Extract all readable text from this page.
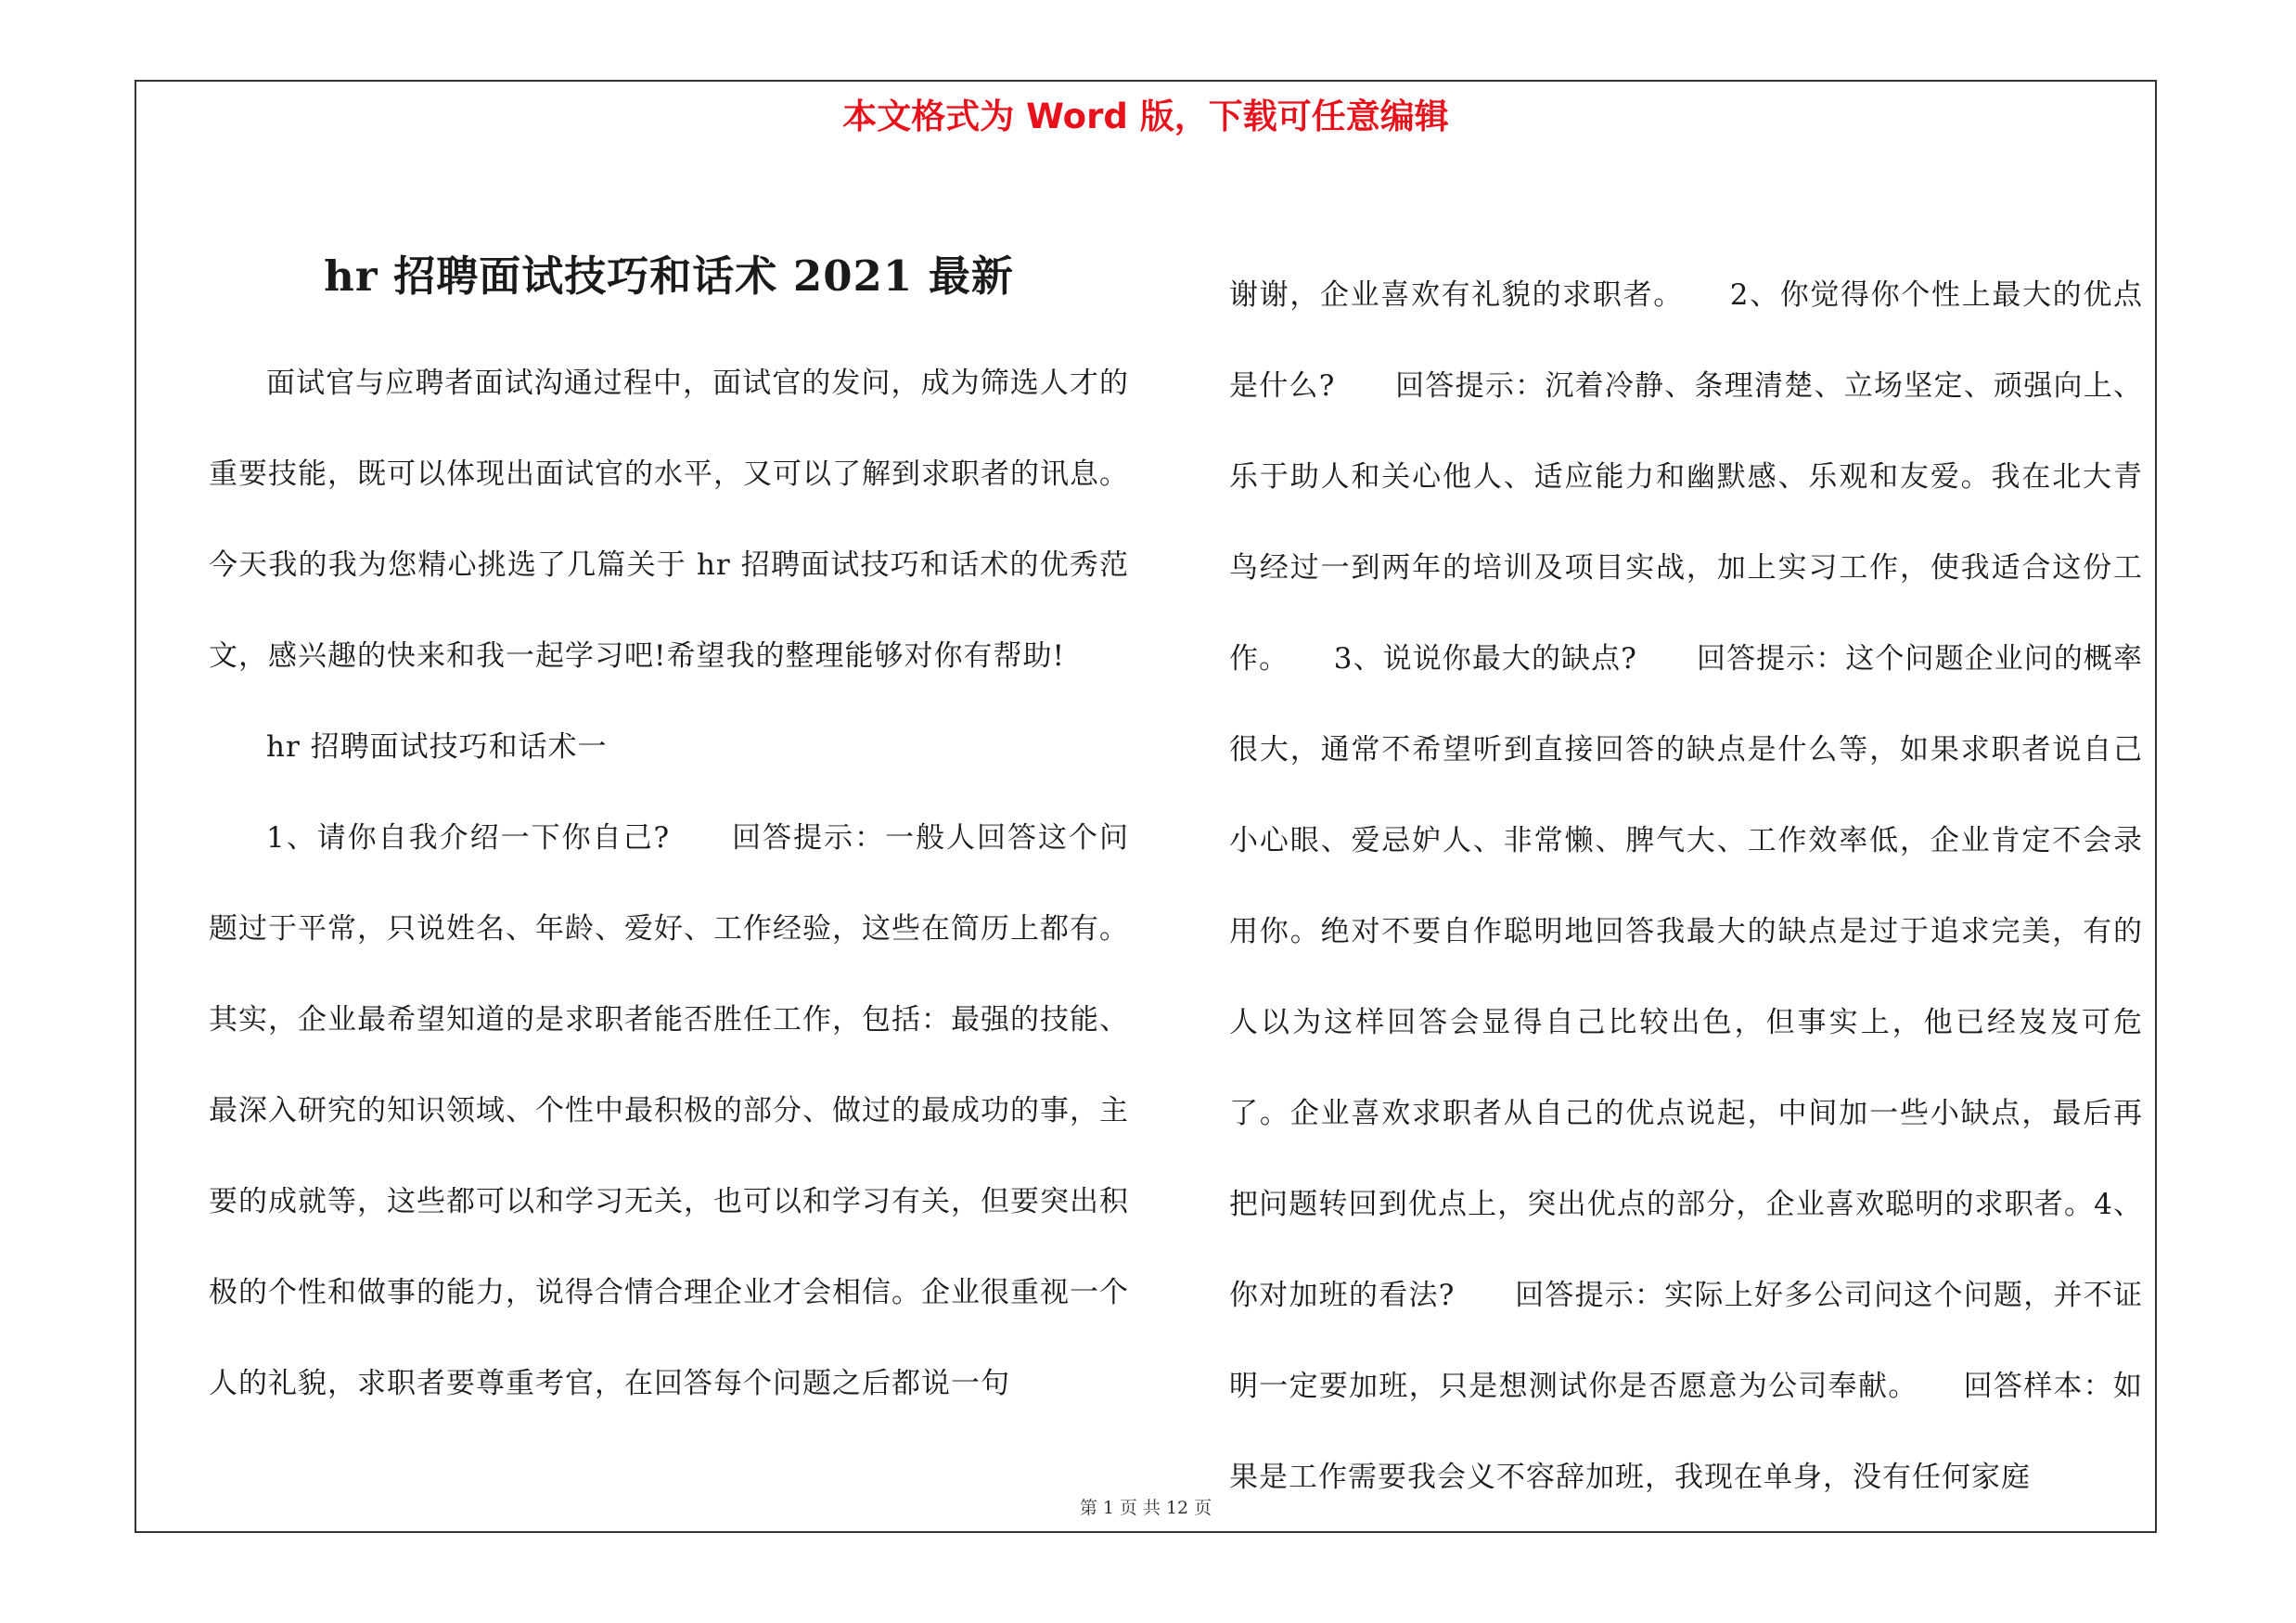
本文格式为 Word 版，下载可任意编辑
hr 招聘面试技巧和话术 2021 最新

面试官与应聘者面试沟通过程中，面试官的发问，成为筛选人才的重要技能，既可以体现出面试官的水平，又可以了解到求职者的讯息。今天我的我为您精心挑选了几篇关于 hr 招聘面试技巧和话术的优秀范文，感兴趣的快来和我一起学习吧!希望我的整理能够对你有帮助!

hr 招聘面试技巧和话术一

1、请你自我介绍一下你自己?　　回答提示：一般人回答这个问题过于平常，只说姓名、年龄、爱好、工作经验，这些在简历上都有。其实，企业最希望知道的是求职者能否胜任工作，包括：最强的技能、最深入研究的知识领域、个性中最积极的部分、做过的最成功的事，主要的成就等，这些都可以和学习无关，也可以和学习有关，但要突出积极的个性和做事的能力，说得合情合理企业才会相信。企业很重视一个人的礼貌，求职者要尊重考官，在回答每个问题之后都说一句

谢谢，企业喜欢有礼貌的求职者。　　2、你觉得你个性上最大的优点是什么?　　回答提示：沉着冷静、条理清楚、立场坚定、顽强向上、乐于助人和关心他人、适应能力和幽默感、乐观和友爱。我在北大青鸟经过一到两年的培训及项目实战，加上实习工作，使我适合这份工作。　　3、说说你最大的缺点?　　回答提示：这个问题企业问的概率很大，通常不希望听到直接回答的缺点是什么等，如果求职者说自己小心眼、爱忌妒人、非常懒、脾气大、工作效率低，企业肯定不会录用你。绝对不要自作聪明地回答我最大的缺点是过于追求完美，有的人以为这样回答会显得自己比较出色，但事实上，他已经岌岌可危了。企业喜欢求职者从自己的优点说起，中间加一些小缺点，最后再把问题转回到优点上，突出优点的部分，企业喜欢聪明的求职者。4、你对加班的看法?　　回答提示：实际上好多公司问这个问题，并不证明一定要加班，只是想测试你是否愿意为公司奉献。　　回答样本：如果是工作需要我会义不容辞加班，我现在单身，没有任何家庭

第 1 页 共 12 页
